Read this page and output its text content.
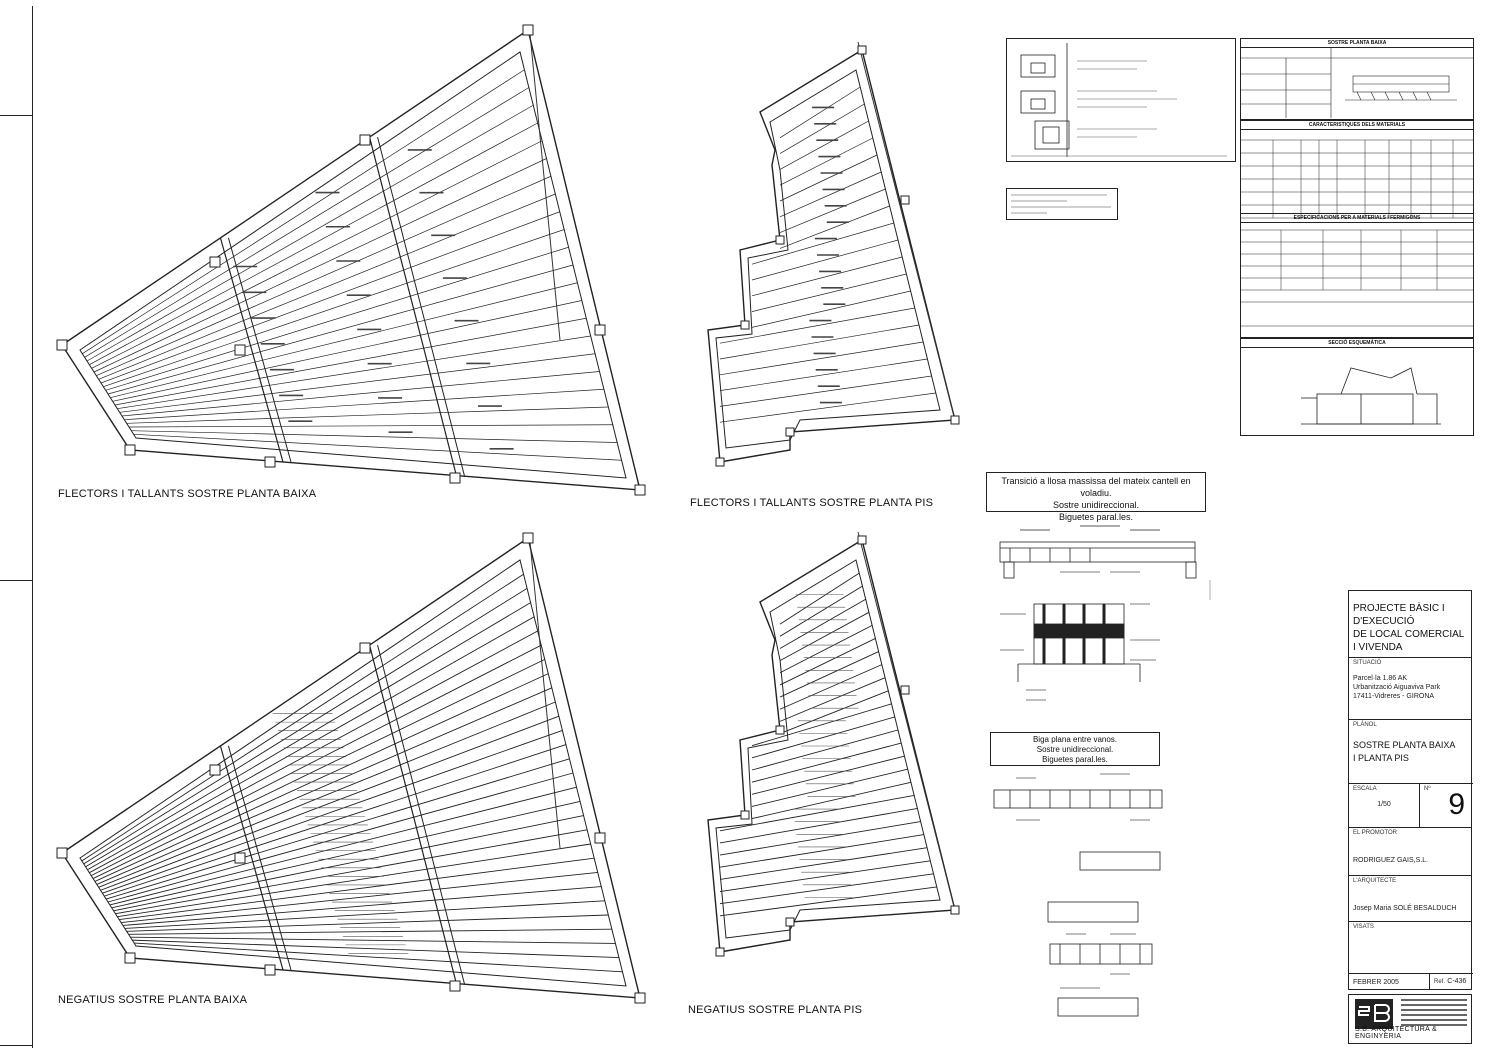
FLECTORS I TALLANTS SOSTRE PLANTA BAIXA
FLECTORS I TALLANTS SOSTRE PLANTA PIS
NEGATIUS SOSTRE PLANTA BAIXA
NEGATIUS SOSTRE PLANTA PIS
SOSTRE PLANTA BAIXA
CARACTERISTIQUES DELS MATERIALS
ESPECIFICACIONS PER A MATERIALS I FERMIGONS
SECCIÓ ESQUEMÀTICA
Transició a llosa massissa del mateix cantell en voladiu.
Sostre unidireccional.
Biguetes paral.les.
Biga plana entre vanos.
Sostre unidireccional.
Biguetes paral.les.
PROJECTE BÀSIC I
D'EXECUCIÓ
DE LOCAL COMERCIAL
I VIVENDA
SITUACIÓ
Parcel·la 1.86 AK
Urbanització Aiguaviva Park
17411-Vidreres - GIRONA
PLÀNOL
SOSTRE PLANTA BAIXA
I PLANTA PIS
ESCALA
1/50
Nº 9
EL PROMOTOR
RODRIGUEZ GAIS,S.L.
L'ARQUITECTE
Josep Maria SOLÉ BESALDUCH
VISATS
FEBRER 2005	Ref. C-436
S.B. ARQUITECTURA & ENGINYERIA
